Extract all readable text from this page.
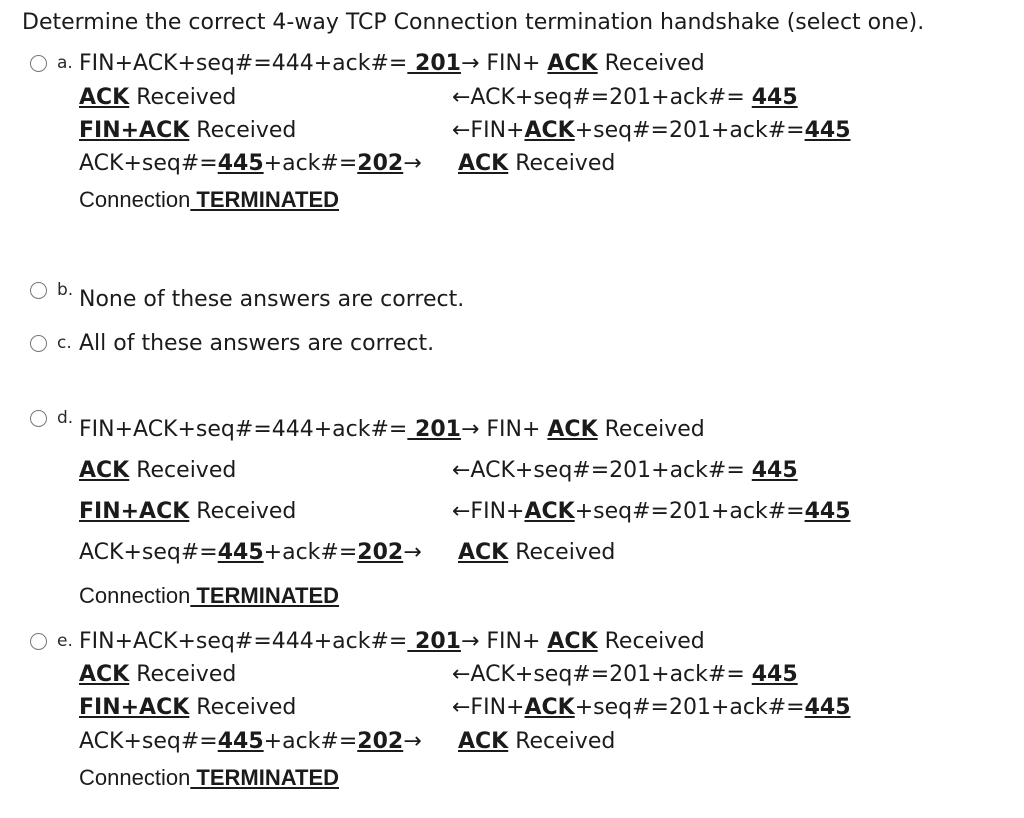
Determine the correct 4-way TCP Connection termination handshake (select one).
a. FIN+ACK+seq#=444+ack#= 201→ FIN+ ACK Received
ACK Received	←ACK+seq#=201+ack#= 445
FIN+ACK Received	←FIN+ACK+seq#=201+ack#=445
ACK+seq#=445+ack#=202→ ACK Received
Connection TERMINATED
b. None of these answers are correct.
c. All of these answers are correct.
d. FIN+ACK+seq#=444+ack#= 201→ FIN+ ACK Received
ACK Received	←ACK+seq#=201+ack#= 445
FIN+ACK Received	←FIN+ACK+seq#=201+ack#=445
ACK+seq#=445+ack#=202→ ACK Received
Connection TERMINATED
e. FIN+ACK+seq#=444+ack#= 201→ FIN+ ACK Received
ACK Received	←ACK+seq#=201+ack#= 445
FIN+ACK Received	←FIN+ACK+seq#=201+ack#=445
ACK+seq#=445+ack#=202→ ACK Received
Connection TERMINATED
